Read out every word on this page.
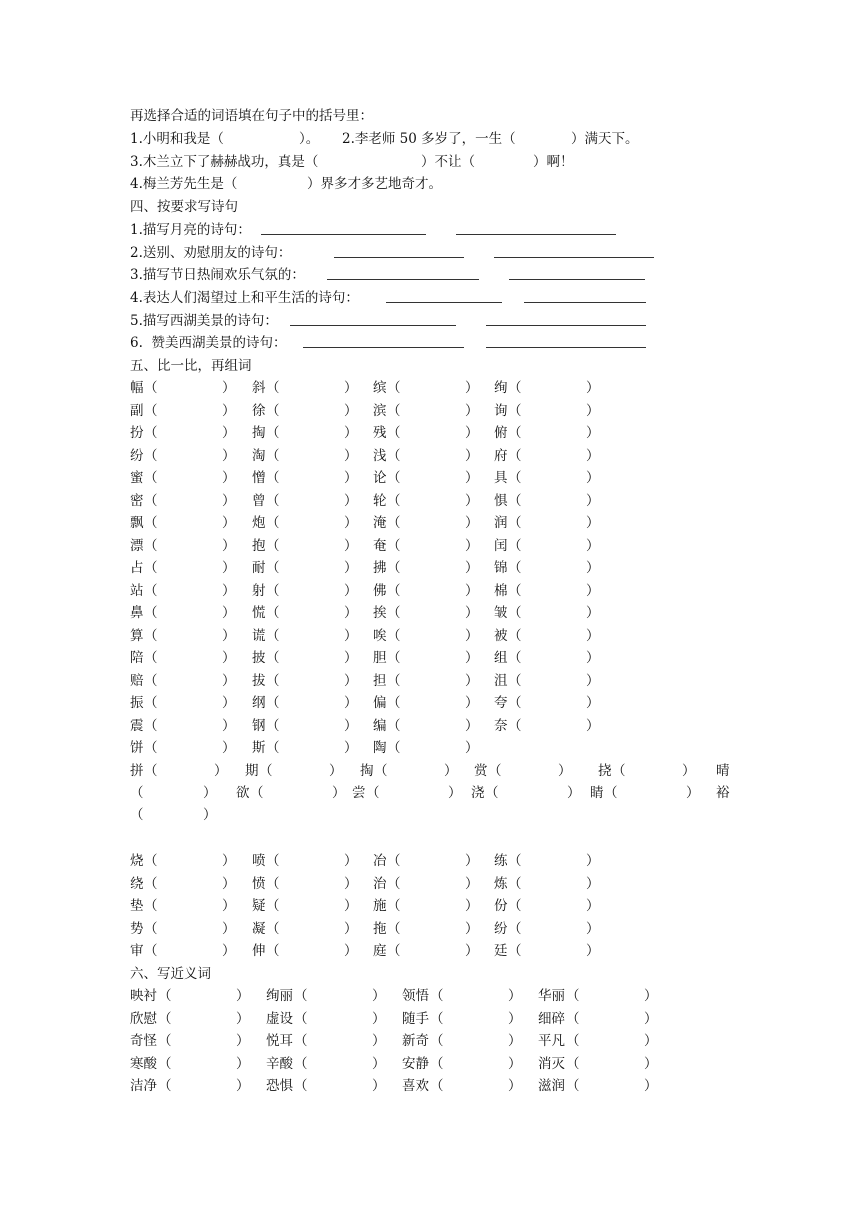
再选择合适的词语填在句子中的括号里：
1.小明和我是（	）。 2.李老师 50 多岁了，一生（	）满天下。
3.木兰立下了赫赫战功，真是（	）不让（	）啊！
4.梅兰芳先生是（	）界多才多艺地奇才。
四、按要求写诗句
1.描写月亮的诗句：
2.送别、劝慰朋友的诗句：
3.描写节日热闹欢乐气氛的：
4.表达人们渴望过上和平生活的诗句：
5.描写西湖美景的诗句：
6.  赞美西湖美景的诗句：
五、比一比，再组词
幅 （	） 斜 （	） 缤 （	） 绚 （	）
副 （	） 徐 （	） 滨 （	） 询 （	）
扮 （	） 掏 （	） 残 （	） 俯 （	）
纷 （	） 淘 （	） 浅 （	） 府 （	）
蜜 （	） 憎 （	） 论 （	） 具 （	）
密 （	） 曾 （	） 轮 （	） 惧 （	）
飘 （	） 炮 （	） 淹 （	） 润 （	）
漂 （	） 抱 （	） 奄 （	） 闰 （	）
占 （	） 耐 （	） 拂 （	） 锦 （	）
站 （	） 射 （	） 佛 （	） 棉 （	）
鼻 （	） 慌 （	） 挨 （	） 皱 （	）
算 （	） 谎 （	） 唉 （	） 被 （	）
陪 （	） 披 （	） 胆 （	） 组 （	）
赔 （	） 拔 （	） 担 （	） 沮 （	）
振 （	） 纲 （	） 偏 （	） 夸 （	）
震 （	） 钢 （	） 编 （	） 奈 （	）
饼 （	） 斯 （	） 陶 （	）
拼 （	） 期 （	） 掏 （	） 赏 （	） 挠 （	） 晴
（	） 欲 （	） 尝 （	） 浇 （	） 睛 （	） 裕
（	）
烧 （	） 喷 （	） 冶 （	） 练 （	）
绕 （	） 愤 （	） 治 （	） 炼 （	）
垫 （	） 疑 （	） 施 （	） 份 （	）
势 （	） 凝 （	） 拖 （	） 纷 （	）
审 （	） 伸 （	） 庭 （	） 廷 （	）
六、写近义词
映衬 （	） 绚丽 （	） 领悟 （	） 华丽 （	）
欣慰 （	） 虚设 （	） 随手 （	） 细碎 （	）
奇怪 （	） 悦耳 （	） 新奇 （	） 平凡 （	）
寒酸 （	） 辛酸 （	） 安静 （	） 消灭 （	）
洁净 （	） 恐惧 （	） 喜欢 （	） 滋润 （	）
